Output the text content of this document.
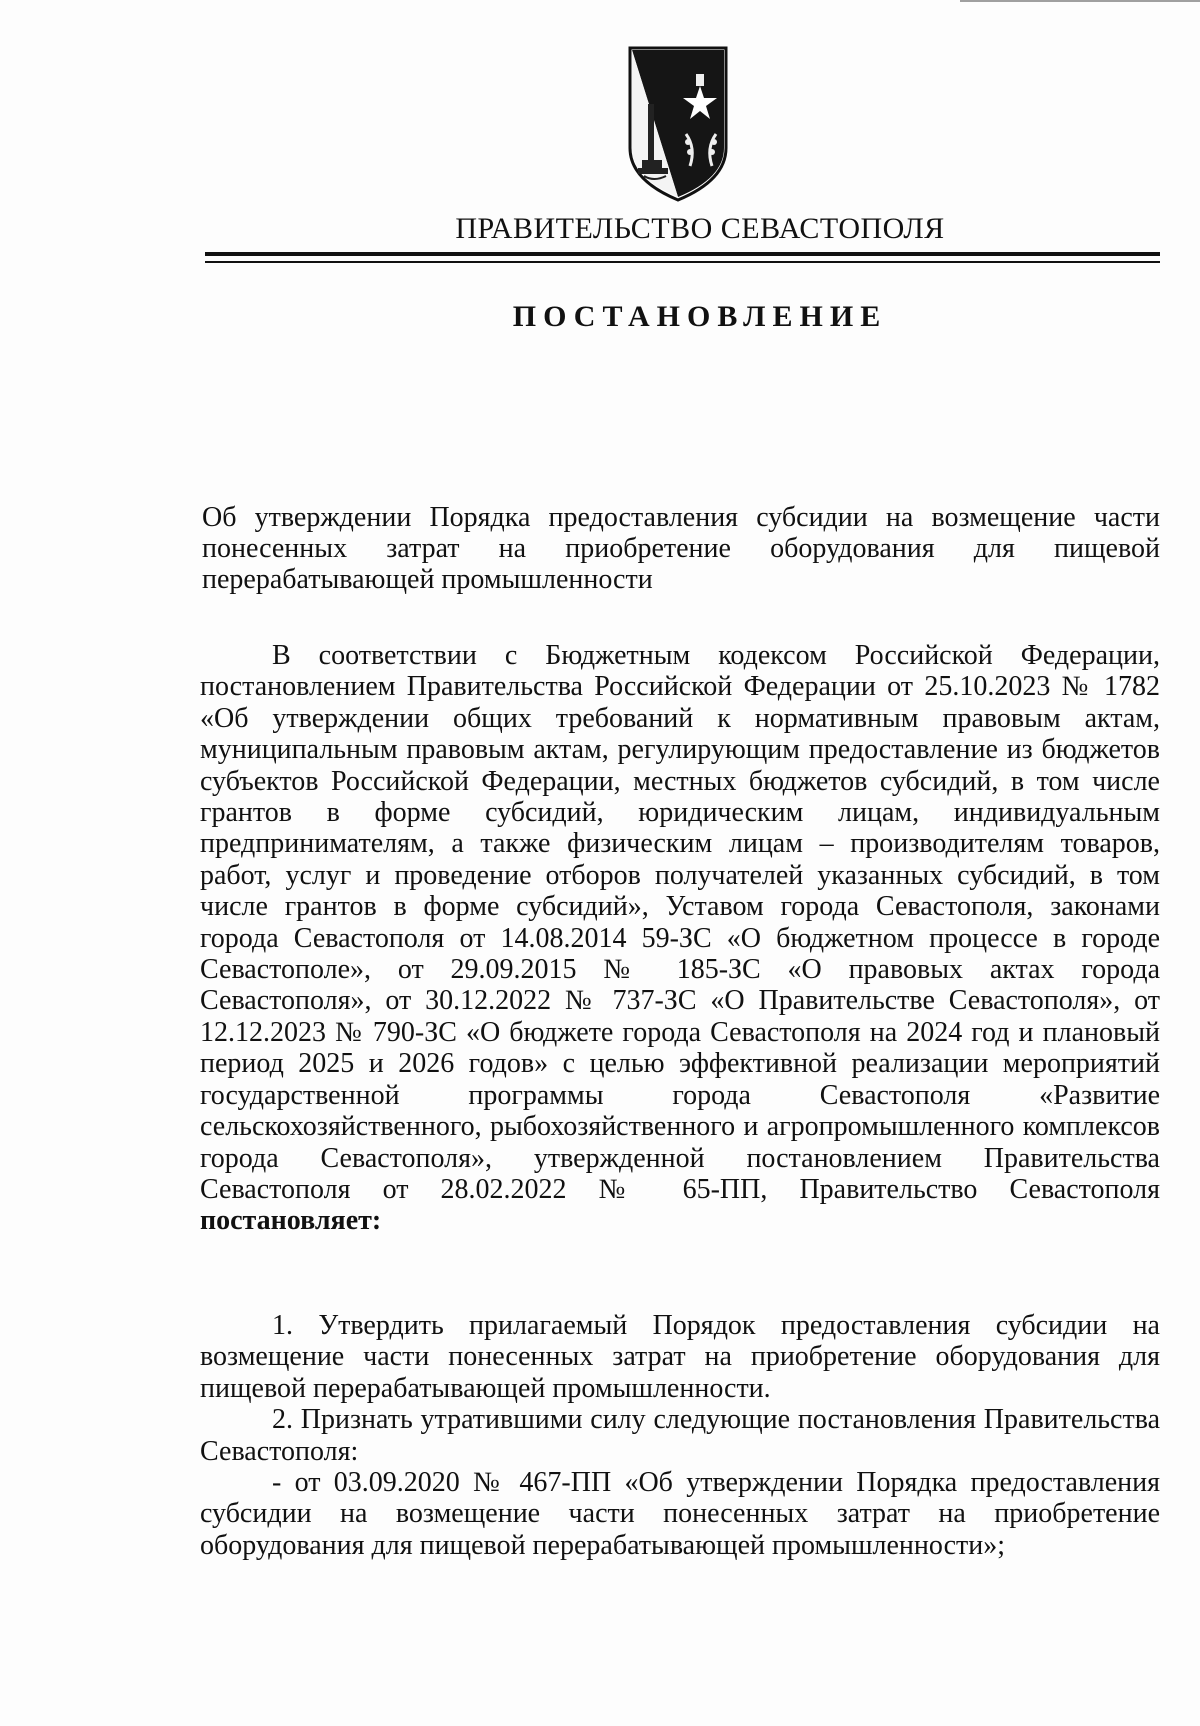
ПРАВИТЕЛЬСТВО СЕВАСТОПОЛЯ
ПОСТАНОВЛЕНИЕ
Об утверждении Порядка предоставления субсидии на возмещение части понесенных затрат на приобретение оборудования для пищевой перерабатывающей промышленности

В соответствии с Бюджетным кодексом Российской Федерации, постановлением Правительства Российской Федерации от 25.10.2023 № 1782 «Об утверждении общих требований к нормативным правовым актам, муниципальным правовым актам, регулирующим предоставление из бюджетов субъектов Российской Федерации, местных бюджетов субсидий, в том числе грантов в форме субсидий, юридическим лицам, индивидуальным предпринимателям, а также физическим лицам – производителям товаров, работ, услуг и проведение отборов получателей указанных субсидий, в том числе грантов в форме субсидий», Уставом города Севастополя, законами города Севастополя от 14.08.2014 59-ЗС «О бюджетном процессе в городе Севастополе», от 29.09.2015 № 185-ЗС «О правовых актах города Севастополя», от 30.12.2022 № 737-ЗС «О Правительстве Севастополя», от 12.12.2023 № 790-ЗС «О бюджете города Севастополя на 2024 год и плановый период 2025 и 2026 годов» с целью эффективной реализации мероприятий государственной программы города Севастополя «Развитие сельскохозяйственного, рыбохозяйственного и агропромышленного комплексов города Севастополя», утвержденной постановлением Правительства Севастополя от 28.02.2022 № 65-ПП, Правительство Севастополя постановляет:

1. Утвердить прилагаемый Порядок предоставления субсидии на возмещение части понесенных затрат на приобретение оборудования для пищевой перерабатывающей промышленности.

2. Признать утратившими силу следующие постановления Правительства Севастополя:

- от 03.09.2020 № 467-ПП «Об утверждении Порядка предоставления субсидии на возмещение части понесенных затрат на приобретение оборудования для пищевой перерабатывающей промышленности»;
